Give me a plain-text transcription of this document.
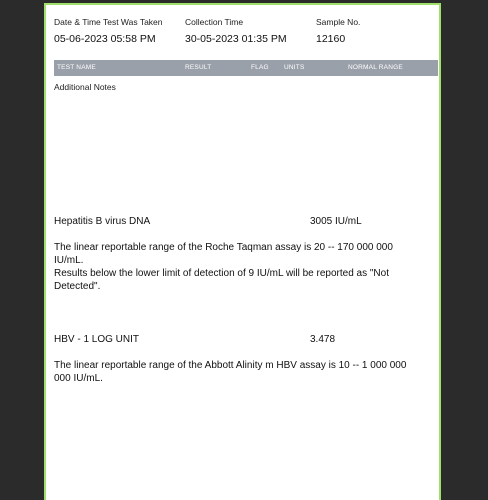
Date & Time Test Was Taken	Collection Time	Sample No.
05-06-2023 05:58 PM	30-05-2023 01:35 PM	12160
TEST NAME	RESULT	FLAG UNITS	NORMAL RANGE
Additional Notes
Hepatitis B virus DNA	3005 IU/mL
The linear reportable range of the Roche Taqman assay is 20 -- 170 000 000 IU/mL.
Results below the lower limit of detection of 9 IU/mL will be reported as "Not Detected".
HBV - 1 LOG UNIT	3.478
The linear reportable range of the Abbott Alinity m HBV assay is 10 -- 1 000 000 000 IU/mL.
